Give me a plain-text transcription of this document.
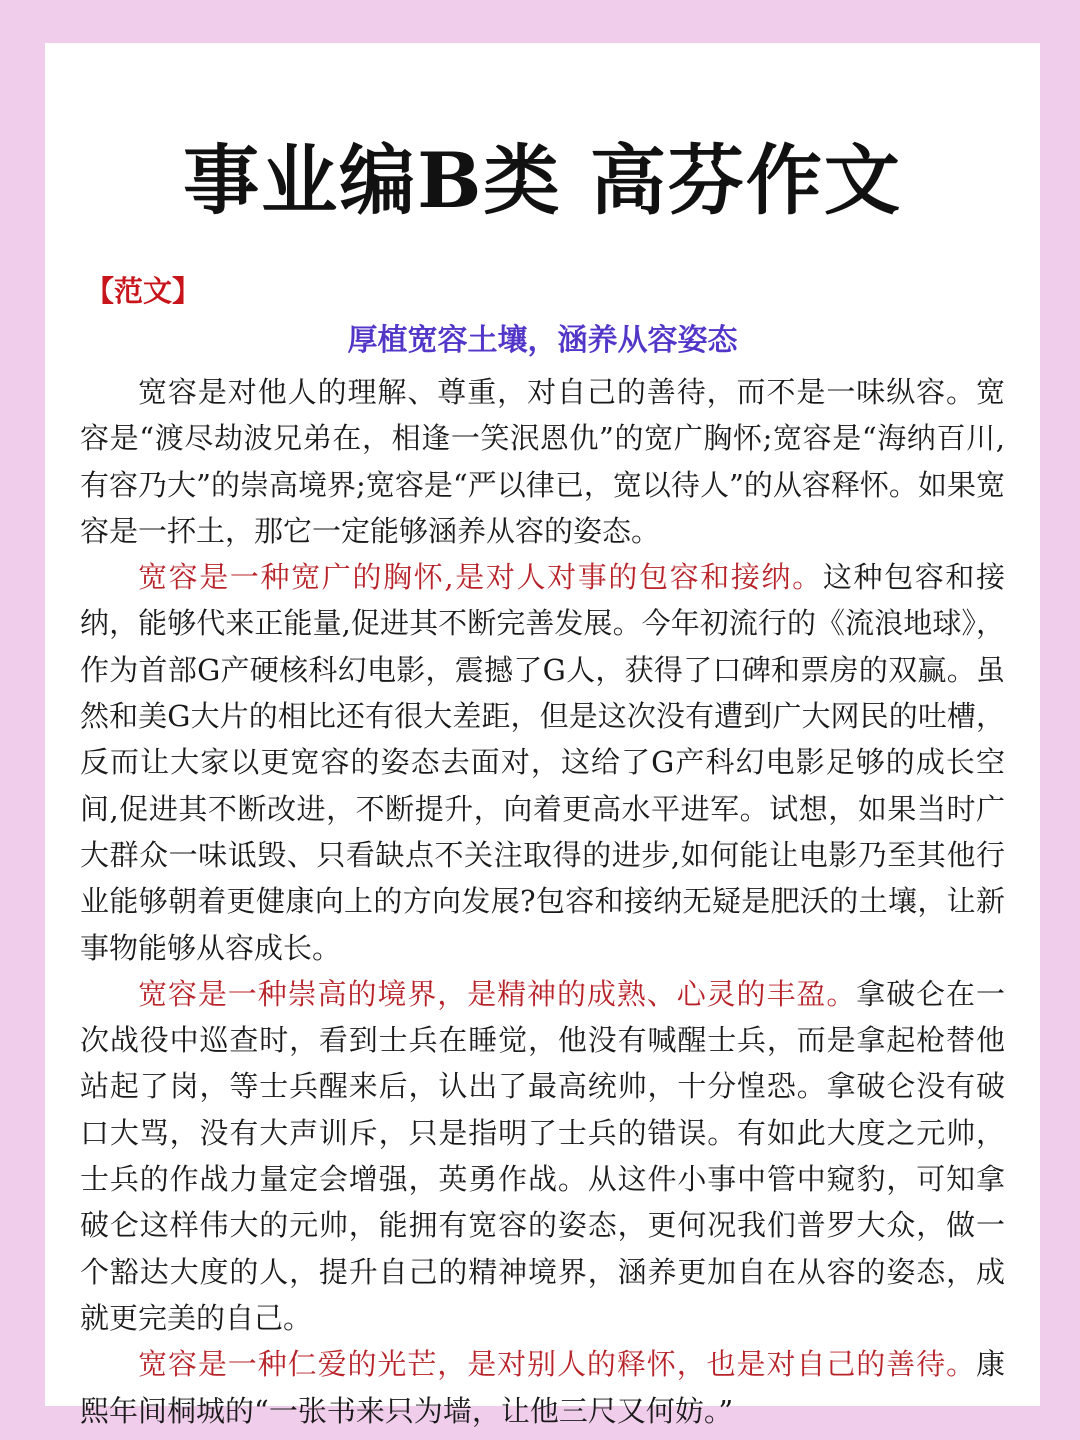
事业编B类 高芬作文
【范文】
厚植宽容土壤，涵养从容姿态

宽容是对他人的理解、尊重，对自己的善待，而不是一味纵容。宽容是“渡尽劫波兄弟在，相逢一笑泯恩仇”的宽广胸怀;宽容是“海纳百川,有容乃大”的崇高境界;宽容是“严以律已，宽以待人”的从容释怀。如果宽容是一抔土，那它一定能够涵养从容的姿态。

宽容是一种宽广的胸怀,是对人对事的包容和接纳。这种包容和接纳，能够代来正能量,促进其不断完善发展。今年初流行的《流浪地球》，作为首部G产硬核科幻电影，震撼了G人，获得了口碑和票房的双赢。虽然和美G大片的相比还有很大差距，但是这次没有遭到广大网民的吐槽，反而让大家以更宽容的姿态去面对，这给了G产科幻电影足够的成长空间,促进其不断改进，不断提升，向着更高水平进军。试想，如果当时广大群众一味诋毁、只看缺点不关注取得的进步,如何能让电影乃至其他行业能够朝着更健康向上的方向发展?包容和接纳无疑是肥沃的土壤，让新事物能够从容成长。

宽容是一种崇高的境界，是精神的成熟、心灵的丰盈。拿破仑在一次战役中巡查时，看到士兵在睡觉，他没有喊醒士兵，而是拿起枪替他站起了岗，等士兵醒来后，认出了最高统帅，十分惶恐。拿破仑没有破口大骂，没有大声训斥，只是指明了士兵的错误。有如此大度之元帅，士兵的作战力量定会增强，英勇作战。从这件小事中管中窥豹，可知拿破仑这样伟大的元帅，能拥有宽容的姿态，更何况我们普罗大众，做一个豁达大度的人，提升自己的精神境界，涵养更加自在从容的姿态，成就更完美的自己。

宽容是一种仁爱的光芒，是对别人的释怀，也是对自己的善待。康熙年间桐城的“一张书来只为墙，让他三尺又何妨。”
